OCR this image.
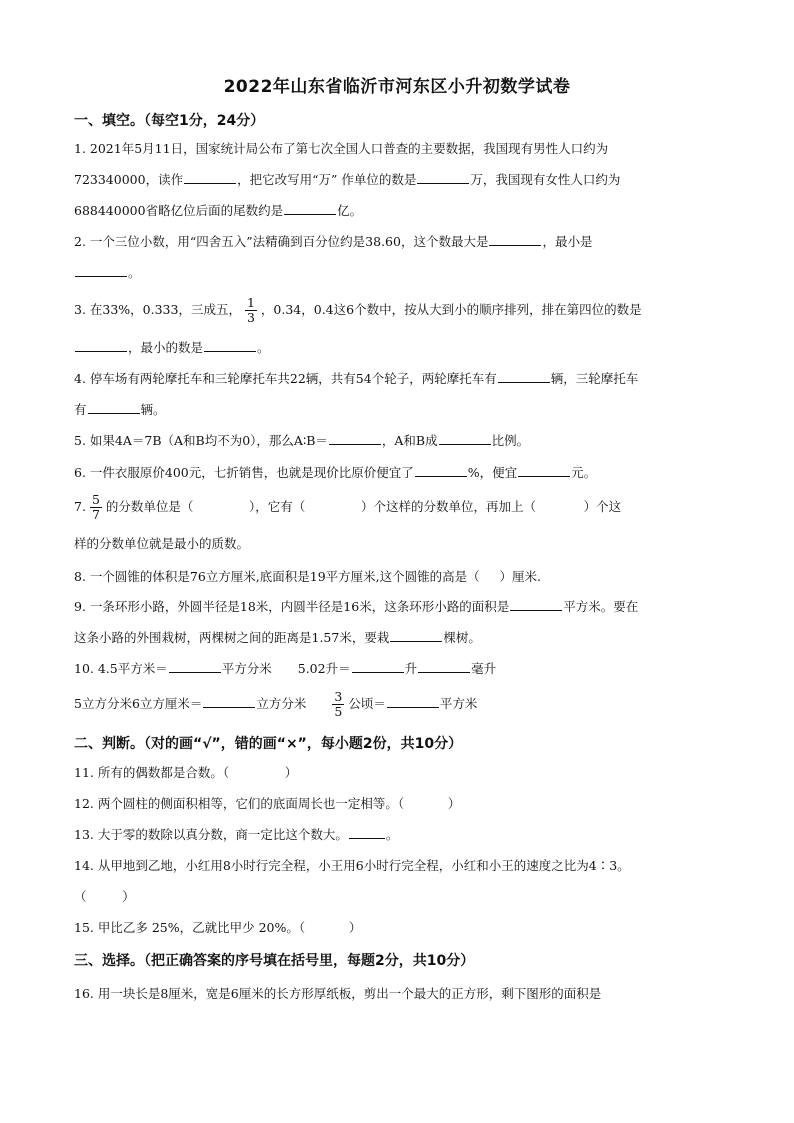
2022年山东省临沂市河东区小升初数学试卷
一、填空。（每空1分，24分）
1. 2021年5月11日，国家统计局公布了第七次全国人口普查的主要数据，我国现有男性人口约为
723340000，读作	，把它改写用“万” 作单位的数是	万，我国现有女性人口约为
688440000省略亿位后面的尾数约是	亿。
2. 一个三位小数，用“四舍五入”法精确到百分位约是38.60，这个数最大是	，最小是
。
3. 在33%，0.333，三成五， $\frac{1}{3}$ ，0.34，0.4这6个数中，按从大到小的顺序排列，排在第四位的数是
，最小的数是	。
4. 停车场有两轮摩托车和三轮摩托车共22辆，共有54个轮子，两轮摩托车有	辆，三轮摩托车
有	辆。
5. 如果4A＝7B（A和B均不为0），那么A∶B＝	，A和B成	比例。
6. 一件衣服原价400元，七折销售，也就是现价比原价便宜了	%，便宜	元。
7. $\frac{5}{7}$ 的分数单位是（	），它有（	）个这样的分数单位，再加上（	）个这
样的分数单位就是最小的质数。
8. 一个圆锥的体积是76立方厘米,底面积是19平方厘米,这个圆锥的高是（ ）厘米.
9. 一条环形小路，外圆半径是18米，内圆半径是16米，这条环形小路的面积是	平方米。要在
这条小路的外围栽树，两棵树之间的距离是1.57米，要栽	棵树。
10. 4.5平方米＝	平方分米 5.02升＝	升	毫升
5立方分米6立方厘米＝	立方分米 $\frac{3}{5}$ 公顷＝	平方米
二、判断。（对的画“√”，错的画“×”，每小题2份，共10分）
11. 所有的偶数都是合数。（	）
12. 两个圆柱的侧面积相等，它们的底面周长也一定相等。（	）
13. 大于零的数除以真分数，商一定比这个数大。	。
14. 从甲地到乙地，小红用8小时行完全程，小王用6小时行完全程，小红和小王的速度之比为4∶3。
（	）
15. 甲比乙多 25%，乙就比甲少 20%。（	）
三、选择。（把正确答案的序号填在括号里，每题2分，共10分）
16. 用一块长是8厘米，宽是6厘米的长方形厚纸板，剪出一个最大的正方形，剩下图形的面积是
